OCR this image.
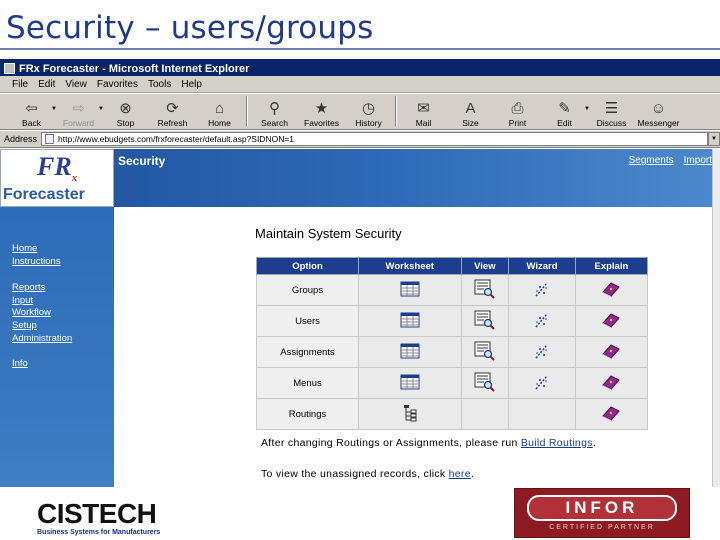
Security – users/groups
FRx Forecaster - Microsoft Internet Explorer
File Edit View Favorites Tools Help
⇦
Back
▼ ⇨
Forward
▼ ⊗
Stop
⟳
Refresh
⌂
Home
⚲
Search
★
Favorites
◷
History
✉
Mail
A
Size
⎙
Print
✎
Edit
▼ ☰
Discuss
☺
Messenger
Address	http://www.ebudgets.com/frxforecaster/default.asp?SIDNON=1	▼
Security	Segments Import
$FR_x$
Forecaster
Home
Instructions
Reports
Input
Workflow
Setup
Administration
Info
Maintain System Security
Option	Worksheet	View	Wizard	Explain
Groups				
Users				
Assignments				
Menus				
Routings				
After changing Routings or Assignments, please run Build Routings.
To view the unassigned records, click here.
CISTECH
Business Systems for Manufacturers
INFOR
CERTIFIED PARTNER
